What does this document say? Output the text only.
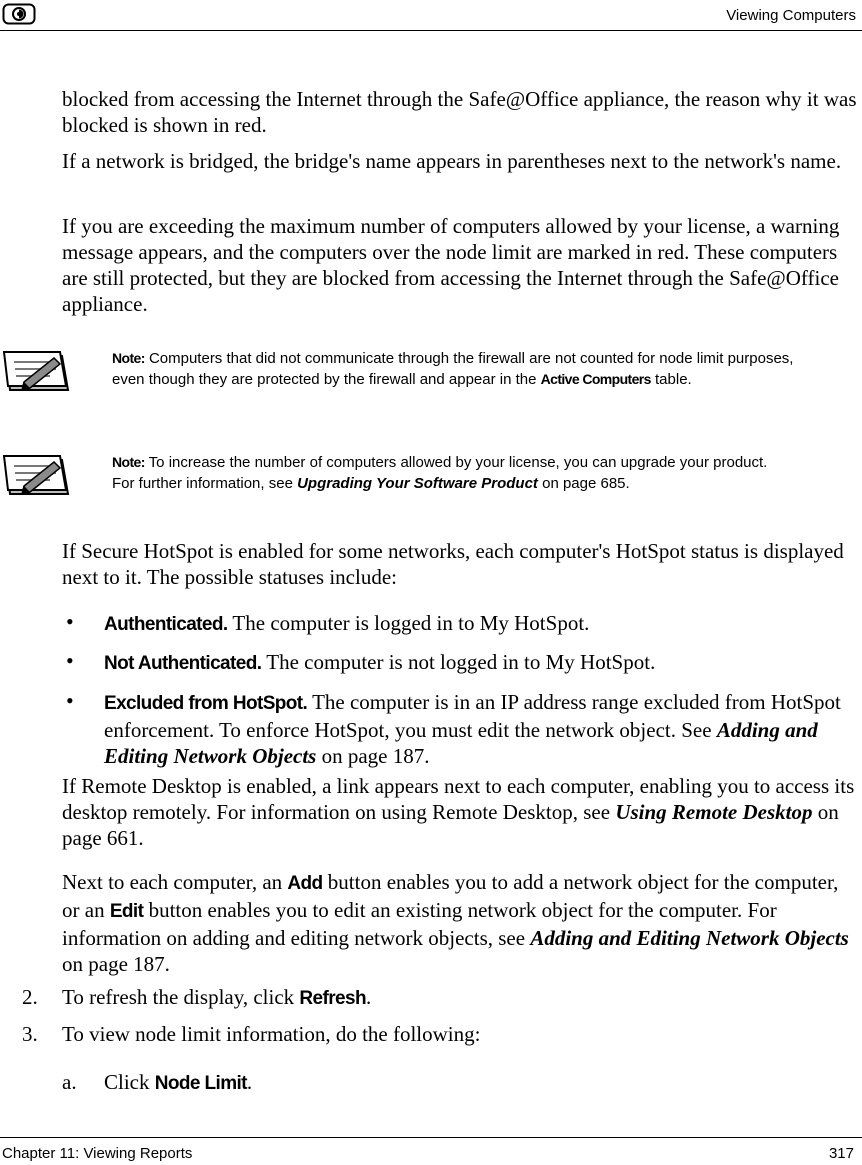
Viewing Computers

blocked from accessing the Internet through the Safe@Office appliance, the reason why it was blocked is shown in red.

If a network is bridged, the bridge's name appears in parentheses next to the network's name.

If you are exceeding the maximum number of computers allowed by your license, a warning message appears, and the computers over the node limit are marked in red. These computers are still protected, but they are blocked from accessing the Internet through the Safe@Office appliance.

Note: Computers that did not communicate through the firewall are not counted for node limit purposes, even though they are protected by the firewall and appear in the Active Computers table.
Note: To increase the number of computers allowed by your license, you can upgrade your product. For further information, see Upgrading Your Software Product on page 685.

If Secure HotSpot is enabled for some networks, each computer's HotSpot status is displayed next to it. The possible statuses include:

• Authenticated. The computer is logged in to My HotSpot.
• Not Authenticated. The computer is not logged in to My HotSpot.
• Excluded from HotSpot. The computer is in an IP address range excluded from HotSpot enforcement. To enforce HotSpot, you must edit the network object. See Adding and Editing Network Objects on page 187.

If Remote Desktop is enabled, a link appears next to each computer, enabling you to access its desktop remotely. For information on using Remote Desktop, see Using Remote Desktop on page 661.

Next to each computer, an Add button enables you to add a network object for the computer, or an Edit button enables you to edit an existing network object for the computer. For information on adding and editing network objects, see Adding and Editing Network Objects on page 187.

2. To refresh the display, click Refresh.
3. To view node limit information, do the following:
a. Click Node Limit.
Chapter 11: Viewing Reports	317
